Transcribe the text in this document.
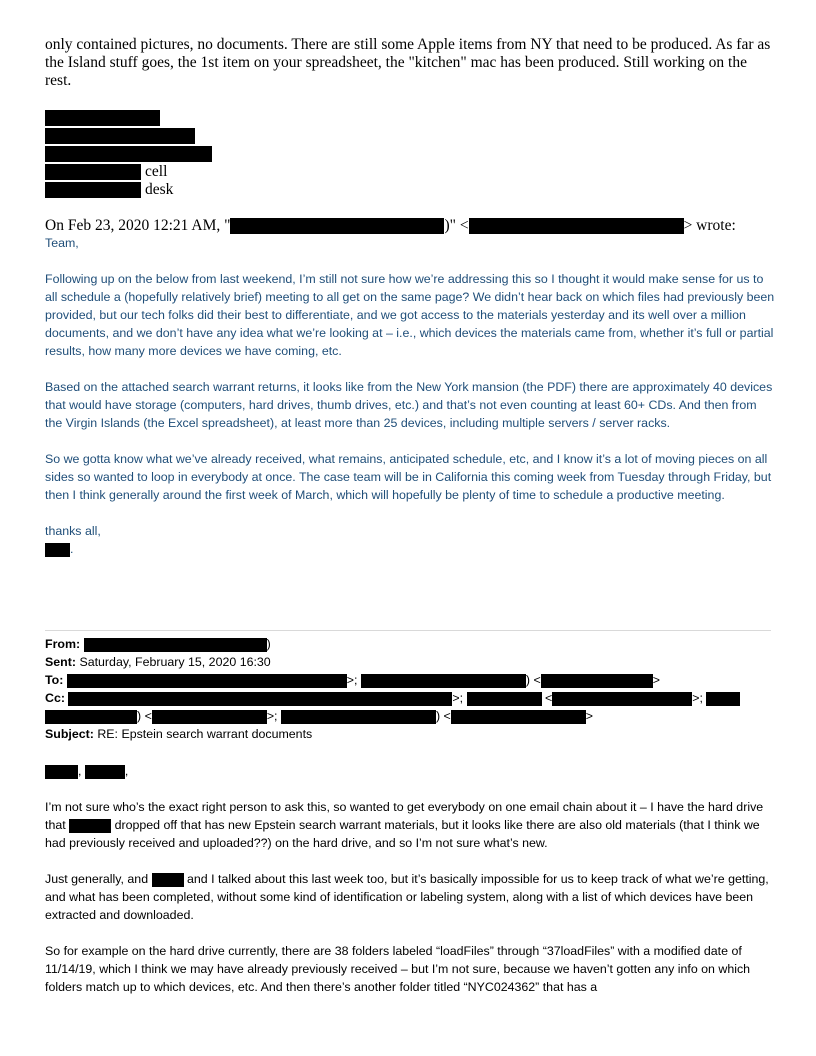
only contained pictures, no documents. There are still some Apple items from NY that need to be produced. As far as the Island stuff goes, the 1st item on your spreadsheet, the "kitchen" mac has been produced. Still working on the rest.

cell
desk
On Feb 23, 2020 12:21 AM, "	)" <	> wrote:

Team,

Following up on the below from last weekend, I’m still not sure how we’re addressing this so I thought it would make sense for us to all schedule a (hopefully relatively brief) meeting to all get on the same page? We didn’t hear back on which files had previously been provided, but our tech folks did their best to differentiate, and we got access to the materials yesterday and its well over a million documents, and we don’t have any idea what we’re looking at – i.e., which devices the materials came from, whether it’s full or partial results, how many more devices we have coming, etc.

Based on the attached search warrant returns, it looks like from the New York mansion (the PDF) there are approximately 40 devices that would have storage (computers, hard drives, thumb drives, etc.) and that’s not even counting at least 60+ CDs. And then from the Virgin Islands (the Excel spreadsheet), at least more than 25 devices, including multiple servers / server racks.

So we gotta know what we’ve already received, what remains, anticipated schedule, etc, and I know it’s a lot of moving pieces on all sides so wanted to loop in everybody at once. The case team will be in California this coming week from Tuesday through Friday, but then I think generally around the first week of March, which will hopefully be plenty of time to schedule a productive meeting.

thanks all,

.

From:	)
Sent: Saturday, February 15, 2020 16:30
To:	>;	) <	>
Cc:	>;	<	>;
) <	>;	) <	>
Subject: RE: Epstein search warrant documents

,	,

I’m not sure who’s the exact right person to ask this, so wanted to get everybody on one email chain about it – I have the hard drive that	dropped off that has new Epstein search warrant materials, but it looks like there are also old materials (that I think we had previously received and uploaded??) on the hard drive, and so I’m not sure what’s new.

Just generally, and	and I talked about this last week too, but it’s basically impossible for us to keep track of what we’re getting, and what has been completed, without some kind of identification or labeling system, along with a list of which devices have been extracted and downloaded.

So for example on the hard drive currently, there are 38 folders labeled “loadFiles” through “37loadFiles” with a modified date of 11/14/19, which I think we may have already previously received – but I’m not sure, because we haven’t gotten any info on which folders match up to which devices, etc. And then there’s another folder titled “NYC024362” that has a
